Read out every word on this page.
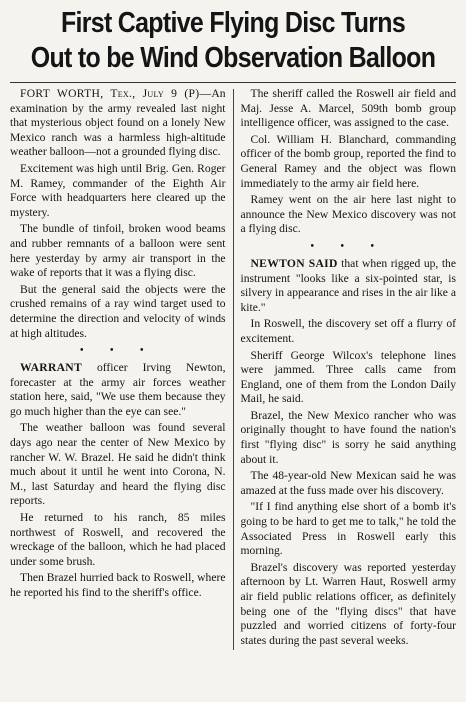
First Captive Flying Disc Turns
Out to be Wind Observation Balloon

FORT WORTH, Tex., July 9 (P)—An examination by the army revealed last night that mysterious object found on a lonely New Mexico ranch was a harmless high-altitude weather balloon—not a grounded flying disc.

Excitement was high until Brig. Gen. Roger M. Ramey, commander of the Eighth Air Force with headquarters here cleared up the mystery.

The bundle of tinfoil, broken wood beams and rubber remnants of a balloon were sent here yesterday by army air transport in the wake of reports that it was a flying disc.

But the general said the objects were the crushed remains of a ray wind target used to determine the direction and velocity of winds at high altitudes.

• • •

WARRANT officer Irving Newton, forecaster at the army air forces weather station here, said, "We use them because they go much higher than the eye can see."

The weather balloon was found several days ago near the center of New Mexico by rancher W. W. Brazel. He said he didn't think much about it until he went into Corona, N. M., last Saturday and heard the flying disc reports.

He returned to his ranch, 85 miles northwest of Roswell, and recovered the wreckage of the balloon, which he had placed under some brush.

Then Brazel hurried back to Roswell, where he reported his find to the sheriff's office.

The sheriff called the Roswell air field and Maj. Jesse A. Marcel, 509th bomb group intelligence officer, was assigned to the case.

Col. William H. Blanchard, commanding officer of the bomb group, reported the find to General Ramey and the object was flown immediately to the army air field here.

Ramey went on the air here last night to announce the New Mexico discovery was not a flying disc.

• • •

NEWTON SAID that when rigged up, the instrument "looks like a six-pointed star, is silvery in appearance and rises in the air like a kite."

In Roswell, the discovery set off a flurry of excitement.

Sheriff George Wilcox's telephone lines were jammed. Three calls came from England, one of them from the London Daily Mail, he said.

Brazel, the New Mexico rancher who was originally thought to have found the nation's first "flying disc" is sorry he said anything about it.

The 48-year-old New Mexican said he was amazed at the fuss made over his discovery.

"If I find anything else short of a bomb it's going to be hard to get me to talk," he told the Associated Press in Roswell early this morning.

Brazel's discovery was reported yesterday afternoon by Lt. Warren Haut, Roswell army air field public relations officer, as definitely being one of the "flying discs" that have puzzled and worried citizens of forty-four states during the past several weeks.
